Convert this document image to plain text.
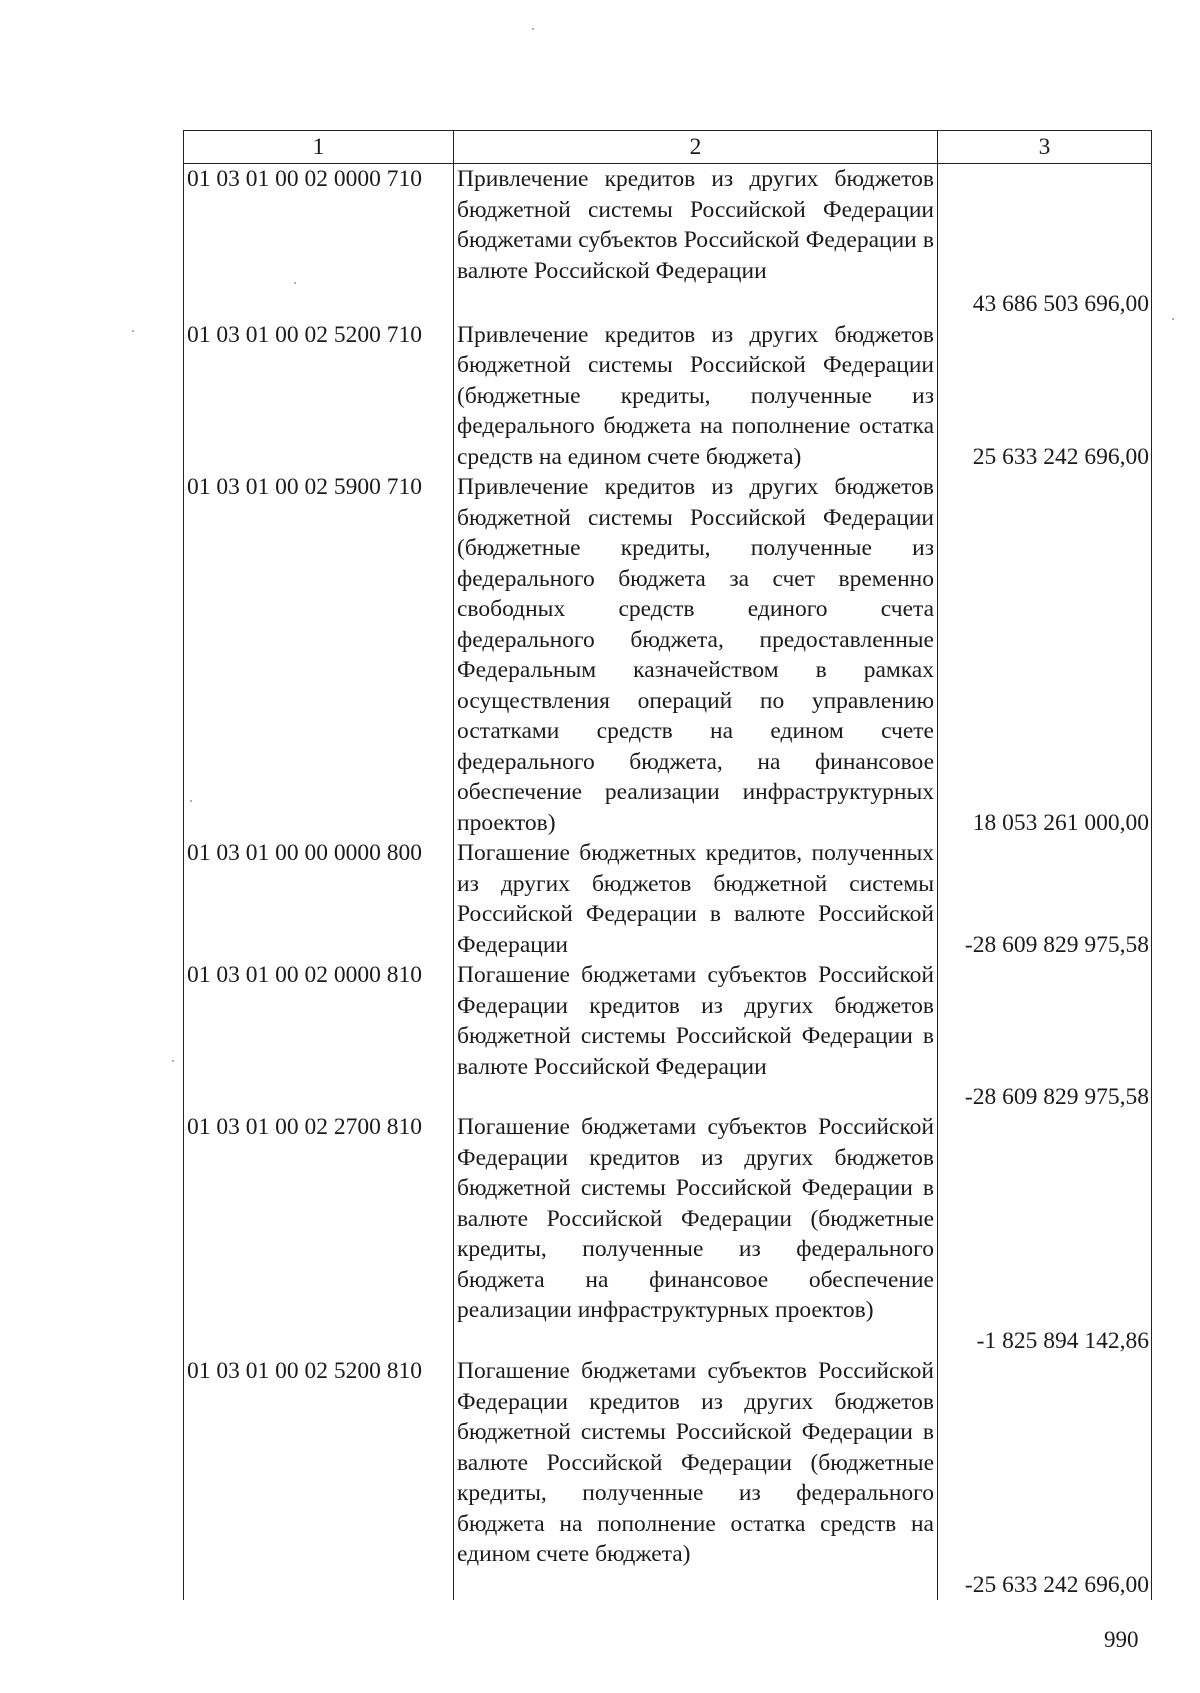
1	2	3
01 03 01 00 02 0000 710	Привлечение кредитов из других бюджетов бюджетной системы Российской Федерации бюджетами субъектов Российской Федерации в валюте Российской Федерации	43 686 503 696,00
01 03 01 00 02 5200 710	Привлечение кредитов из других бюджетов бюджетной системы Российской Федерации (бюджетные кредиты, полученные из федерального бюджета на пополнение остатка средств на едином счете бюджета)	25 633 242 696,00
01 03 01 00 02 5900 710	Привлечение кредитов из других бюджетов бюджетной системы Российской Федерации (бюджетные кредиты, полученные из федерального бюджета за счет временно свободных средств единого счета федерального бюджета, предоставленные Федеральным казначейством в рамках осуществления операций по управлению остатками средств на едином счете федерального бюджета, на финансовое обеспечение реализации инфраструктурных проектов)	18 053 261 000,00
01 03 01 00 00 0000 800	Погашение бюджетных кредитов, полученных из других бюджетов бюджетной системы Российской Федерации в валюте Российской Федерации	-28 609 829 975,58
01 03 01 00 02 0000 810	Погашение бюджетами субъектов Российской Федерации кредитов из других бюджетов бюджетной системы Российской Федерации в валюте Российской Федерации	-28 609 829 975,58
01 03 01 00 02 2700 810	Погашение бюджетами субъектов Российской Федерации кредитов из других бюджетов бюджетной системы Российской Федерации в валюте Российской Федерации (бюджетные кредиты, полученные из федерального бюджета на финансовое обеспечение реализации инфраструктурных проектов)	-1 825 894 142,86
01 03 01 00 02 5200 810	Погашение бюджетами субъектов Российской Федерации кредитов из других бюджетов бюджетной системы Российской Федерации в валюте Российской Федерации (бюджетные кредиты, полученные из федерального бюджета на пополнение остатка средств на едином счете бюджета)	-25 633 242 696,00
990
